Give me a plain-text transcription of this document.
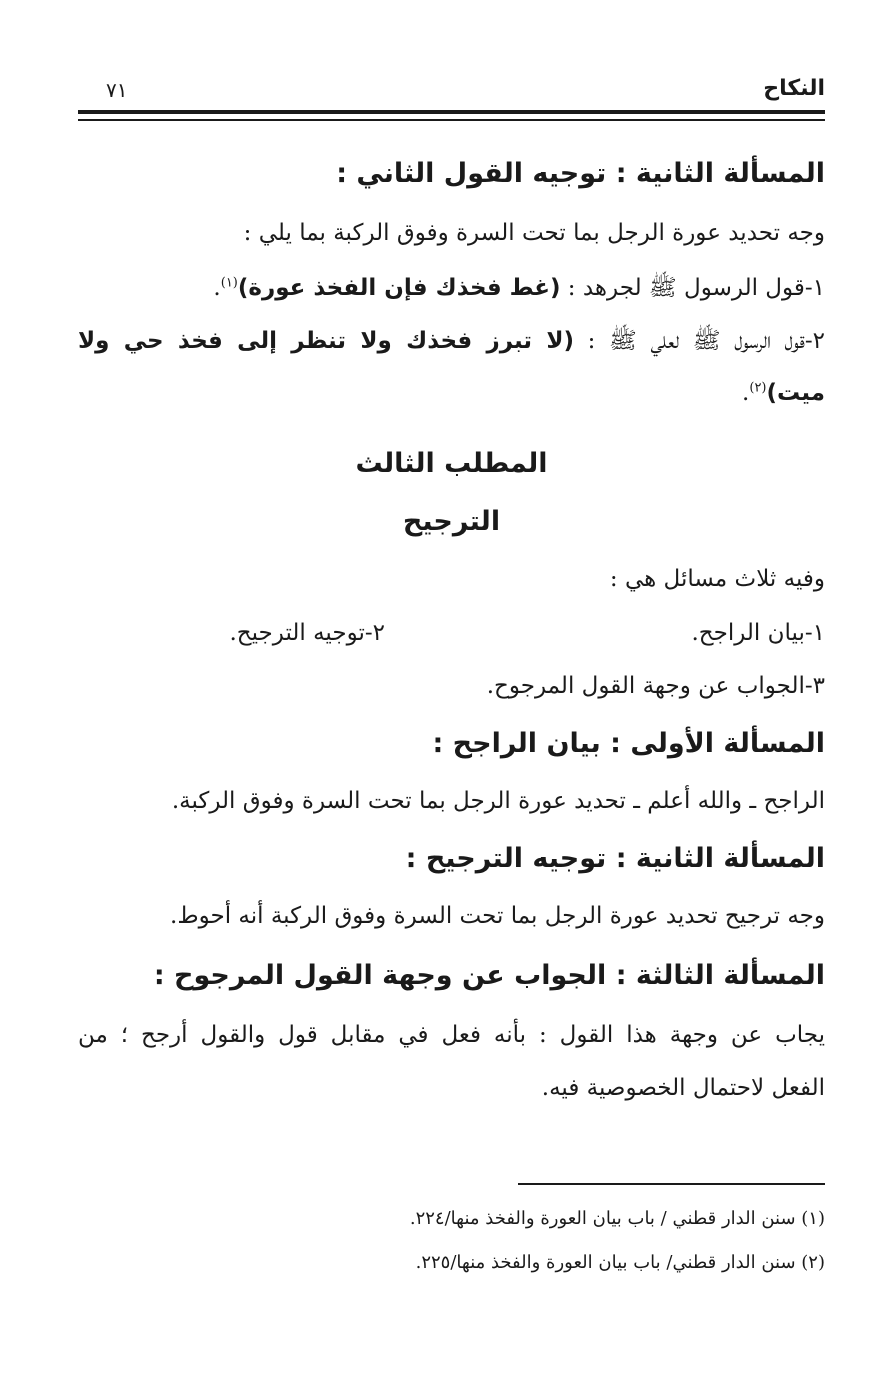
النكاح
٧١
المسألة الثانية : توجيه القول الثاني :
وجه تحديد عورة الرجل بما تحت السرة وفوق الركبة بما يلي :
١-قول الرسول ﷺ لجرهد : (غط فخذك فإن الفخذ عورة)$^{(١)}$.
٢-قول الرسول ﷺ لعلي ﷺ : (لا تبرز فخذك ولا تنظر إلى فخذ حي ولا
ميت)$^{(٢)}$.
المطلب الثالث
الترجيح
وفيه ثلاث مسائل هي :
١-بيان الراجح.
٢-توجيه الترجيح.
٣-الجواب عن وجهة القول المرجوح.
المسألة الأولى : بيان الراجح :
الراجح ـ والله أعلم ـ تحديد عورة الرجل بما تحت السرة وفوق الركبة.
المسألة الثانية : توجيه الترجيح :
وجه ترجيح تحديد عورة الرجل بما تحت السرة وفوق الركبة أنه أحوط.
المسألة الثالثة : الجواب عن وجهة القول المرجوح :
يجاب عن وجهة هذا القول : بأنه فعل في مقابل قول والقول أرجح ؛ من
الفعل لاحتمال الخصوصية فيه.
(١) سنن الدار قطني / باب بيان العورة والفخذ منها/٢٢٤.
(٢) سنن الدار قطني/ باب بيان العورة والفخذ منها/٢٢٥.
